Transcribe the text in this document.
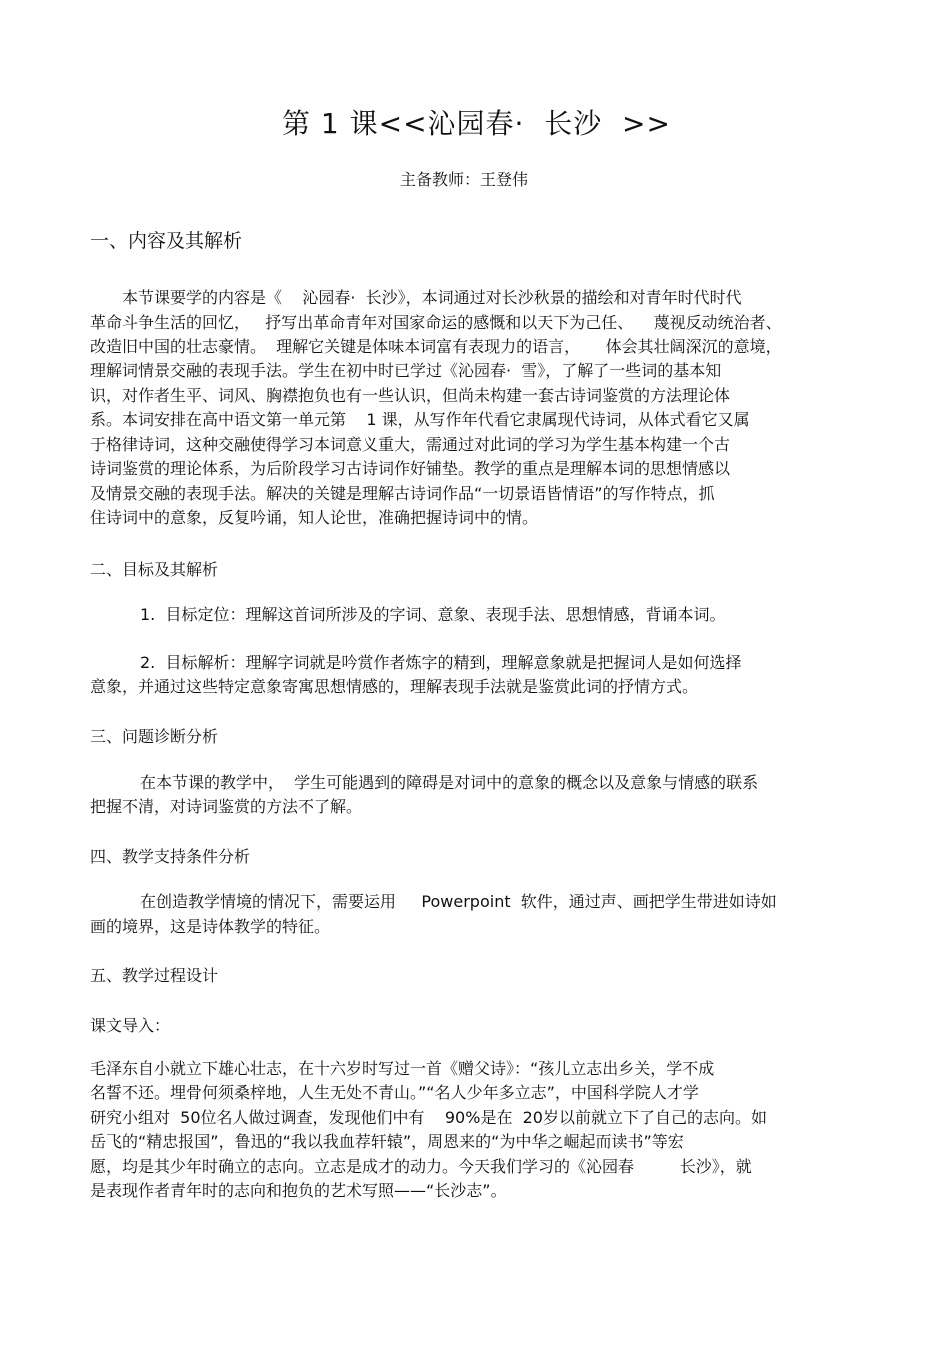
第 1 课<<沁园春·  长沙  >>
主备教师：王登伟
一、内容及其解析
本节课要学的内容是《    沁园春·  长沙》，本词通过对长沙秋景的描绘和对青年时代时代
革命斗争生活的回忆，   抒写出革命青年对国家命运的感慨和以天下为己任、    蔑视反动统治者、
改造旧中国的壮志豪情。  理解它关键是体味本词富有表现力的语言，     体会其壮阔深沉的意境，
理解词情景交融的表现手法。学生在初中时已学过《沁园春·  雪》，了解了一些词的基本知
识，对作者生平、词风、胸襟抱负也有一些认识，但尚未构建一套古诗词鉴赏的方法理论体
系。本词安排在高中语文第一单元第    1 课，从写作年代看它隶属现代诗词，从体式看它又属
于格律诗词，这种交融使得学习本词意义重大，需通过对此词的学习为学生基本构建一个古
诗词鉴赏的理论体系，为后阶段学习古诗词作好铺垫。教学的重点是理解本词的思想情感以
及情景交融的表现手法。解决的关键是理解古诗词作品“一切景语皆情语”的写作特点，抓
住诗词中的意象，反复吟诵，知人论世，准确把握诗词中的情。
二、目标及其解析
1.  目标定位：理解这首词所涉及的字词、意象、表现手法、思想情感，背诵本词。
2.  目标解析：理解字词就是吟赏作者炼字的精到，理解意象就是把握词人是如何选择
意象，并通过这些特定意象寄寓思想情感的，理解表现手法就是鉴赏此词的抒情方式。
三、问题诊断分析
在本节课的教学中，  学生可能遇到的障碍是对词中的意象的概念以及意象与情感的联系
把握不清，对诗词鉴赏的方法不了解。
四、教学支持条件分析
在创造教学情境的情况下，需要运用     Powerpoint  软件，通过声、画把学生带进如诗如
画的境界，这是诗体教学的特征。
五、教学过程设计
课文导入：
毛泽东自小就立下雄心壮志，在十六岁时写过一首《赠父诗》：“孩儿立志出乡关，学不成
名誓不还。埋骨何须桑梓地，人生无处不青山。”“名人少年多立志”，中国科学院人才学
研究小组对  50位名人做过调查，发现他们中有    90%是在  20岁以前就立下了自己的志向。如
岳飞的“精忠报国”，鲁迅的“我以我血荐轩辕”，周恩来的“为中华之崛起而读书”等宏
愿，均是其少年时确立的志向。立志是成才的动力。今天我们学习的《沁园春         长沙》，就
是表现作者青年时的志向和抱负的艺术写照——“长沙志”。
